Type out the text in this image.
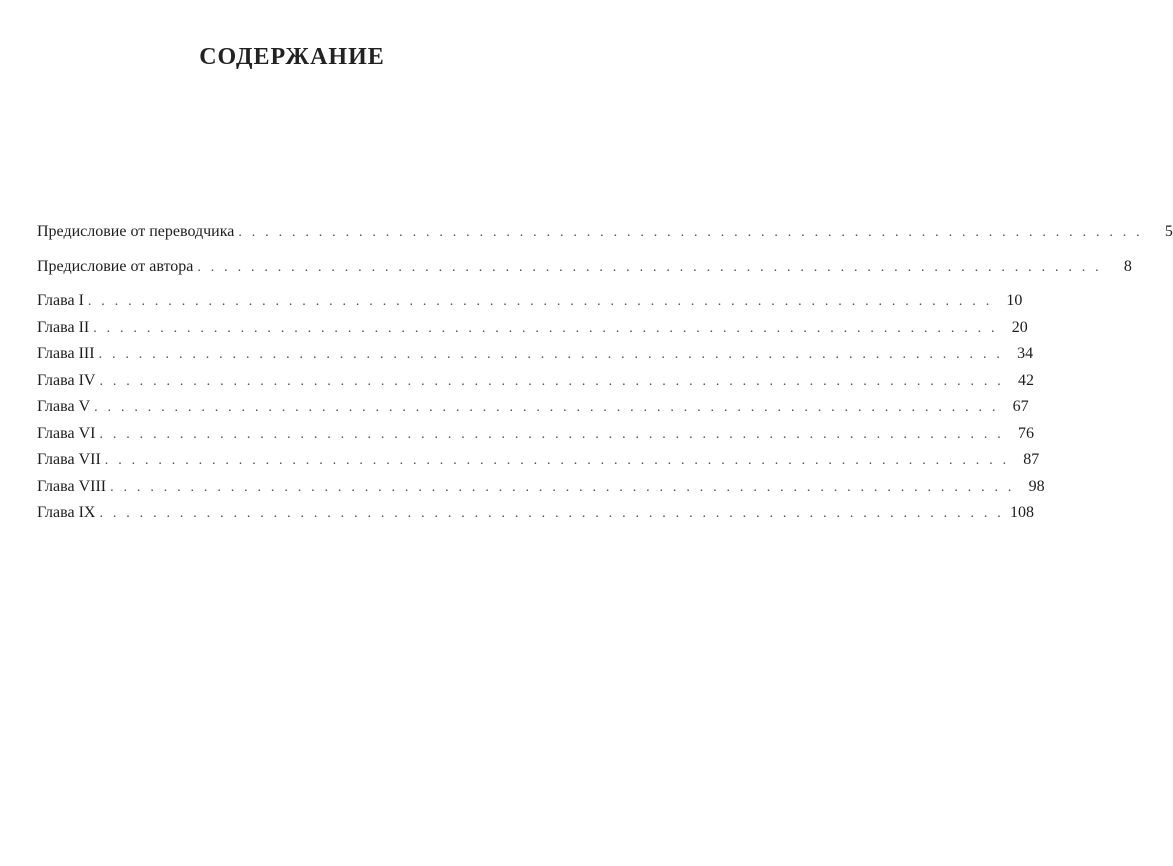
СОДЕРЖАНИЕ
Предисловие от переводчика . . . . . . . . . . . . . . . . . . . . . . . . . . . . . . . . . . . . . . . . . . . . . . . . . . . . . . . . . . . . . . . . . . . .	5
Предисловие от автора . . . . . . . . . . . . . . . . . . . . . . . . . . . . . . . . . . . . . . . . . . . . . . . . . . . . . . . . . . . . . . . . . . . .	8
Глава I . . . . . . . . . . . . . . . . . . . . . . . . . . . . . . . . . . . . . . . . . . . . . . . . . . . . . . . . . . . . . . . . . . . . 10
Глава II . . . . . . . . . . . . . . . . . . . . . . . . . . . . . . . . . . . . . . . . . . . . . . . . . . . . . . . . . . . . . . . . . . . . 20
Глава III . . . . . . . . . . . . . . . . . . . . . . . . . . . . . . . . . . . . . . . . . . . . . . . . . . . . . . . . . . . . . . . . . . . . 34
Глава IV . . . . . . . . . . . . . . . . . . . . . . . . . . . . . . . . . . . . . . . . . . . . . . . . . . . . . . . . . . . . . . . . . . . . 42
Глава V . . . . . . . . . . . . . . . . . . . . . . . . . . . . . . . . . . . . . . . . . . . . . . . . . . . . . . . . . . . . . . . . . . . . 67
Глава VI . . . . . . . . . . . . . . . . . . . . . . . . . . . . . . . . . . . . . . . . . . . . . . . . . . . . . . . . . . . . . . . . . . . . 76
Глава VII . . . . . . . . . . . . . . . . . . . . . . . . . . . . . . . . . . . . . . . . . . . . . . . . . . . . . . . . . . . . . . . . . . . . 87
Глава VIII . . . . . . . . . . . . . . . . . . . . . . . . . . . . . . . . . . . . . . . . . . . . . . . . . . . . . . . . . . . . . . . . . . . . 98
Глава IX . . . . . . . . . . . . . . . . . . . . . . . . . . . . . . . . . . . . . . . . . . . . . . . . . . . . . . . . . . . . . . . . . . . . 108
